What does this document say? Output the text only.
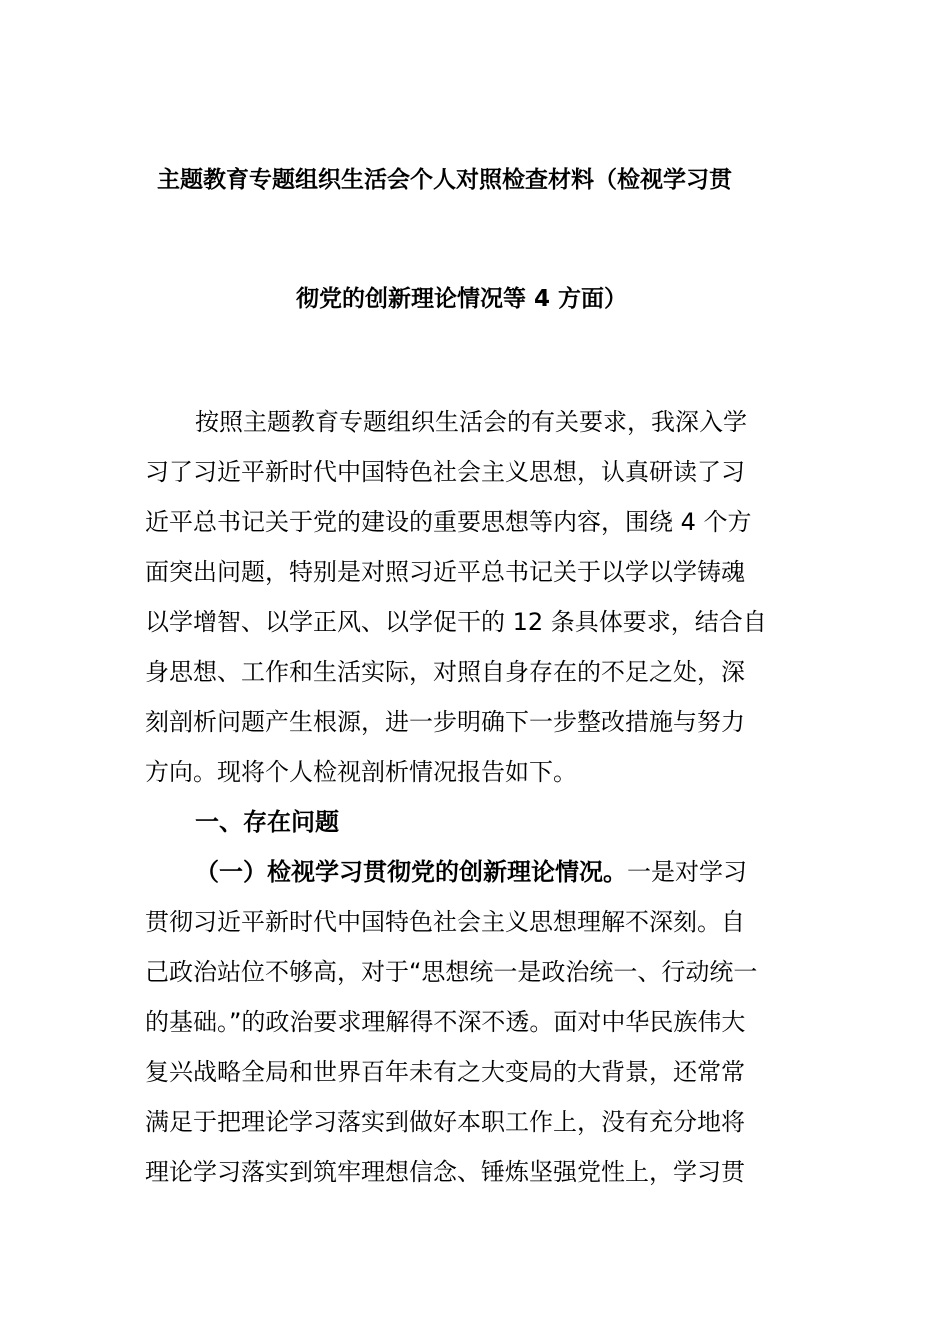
主题教育专题组织生活会个人对照检查材料（检视学习贯
彻党的创新理论情况等 4 方面）
按照主题教育专题组织生活会的有关要求，我深入学
习了习近平新时代中国特色社会主义思想，认真研读了习
近平总书记关于党的建设的重要思想等内容，围绕 4 个方
面突出问题，特别是对照习近平总书记关于以学以学铸魂
以学增智、以学正风、以学促干的 12 条具体要求，结合自
身思想、工作和生活实际，对照自身存在的不足之处，深
刻剖析问题产生根源，进一步明确下一步整改措施与努力
方向。现将个人检视剖析情况报告如下。
一、存在问题
（一）检视学习贯彻党的创新理论情况。一是对学习
贯彻习近平新时代中国特色社会主义思想理解不深刻。自
己政治站位不够高，对于“思想统一是政治统一、行动统一
的基础。”的政治要求理解得不深不透。面对中华民族伟大
复兴战略全局和世界百年未有之大变局的大背景，还常常
满足于把理论学习落实到做好本职工作上，没有充分地将
理论学习落实到筑牢理想信念、锤炼坚强党性上，学习贯
